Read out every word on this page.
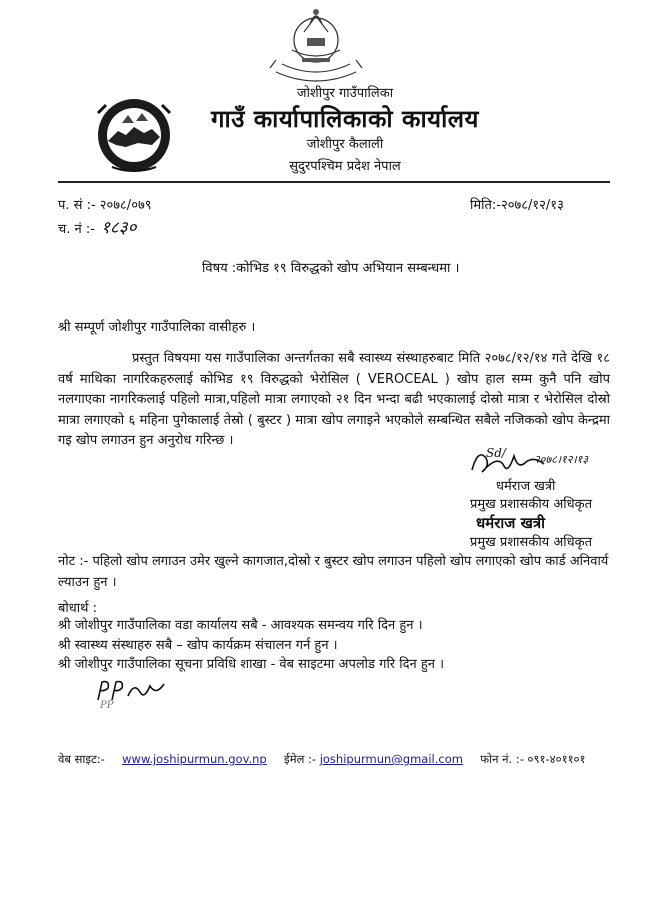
जोशीपुर गाउँपालिका
गाउँ कार्यापालिकाको कार्यालय
जोशीपुर कैलाली
सुदुरपश्चिम प्रदेश नेपाल
प. सं :- २०७८/०७९	मिति:-२०७८/१२/१३
च. नं :- १८३०
विषय :कोभिड १९ विरुद्धको खोप अभियान सम्बन्धमा ।
श्री सम्पूर्ण जोशीपुर गाउँपालिका वासीहरु ।
प्रस्तुत विषयमा यस गाउँपालिका अन्तर्गतका सबै स्वास्थ्य संस्थाहरुबाट मिति २०७८/१२/१४ गते देखि १८ वर्ष माथिका नागरिकहरुलाई कोभिड १९ विरुद्धको भेरोसिल ( VEROCEAL ) खोप हाल सम्म कुनै पनि खोप नलगाएका नागरिकलाई पहिलो मात्रा,पहिलो मात्रा लगाएको २१ दिन भन्दा बढी भएकालाई दोस्रो मात्रा र भेरोसिल दोस्रो मात्रा लगाएको ६ महिना पुगेकालाई तेस्रो ( बुस्टर ) मात्रा खोप लगाइने भएकोले सम्बन्धित सबैले नजिकको खोप केन्द्रमा गइ खोप लगाउन हुन अनुरोध गरिन्छ ।
Sd/	२०७८।१२।१३
धर्मराज खत्री
प्रमुख प्रशासकीय अधिकृत
धर्मराज खत्री
प्रमुख प्रशासकीय अधिकृत
नोट :- पहिलो खोप लगाउन उमेर खुल्ने कागजात,दोस्रो र बुस्टर खोप लगाउन पहिलो खोप लगाएको खोप कार्ड अनिवार्य ल्याउन हुन ।
बोधार्थ :
श्री जोशीपुर गाउँपालिका वडा कार्यालय सबै - आवश्यक समन्वय गरि दिन हुन ।
श्री स्वास्थ्य संस्थाहरु सबै – खोप कार्यक्रम संचालन गर्न हुन ।
श्री जोशीपुर गाउँपालिका सूचना प्रविधि शाखा - वेब साइटमा अपलोड गरि दिन हुन ।
PP
वेब साइट:- www.joshipurmun.gov.np ईमेल :- joshipurmun@gmail.com फोन नं. :- ०९१-४०११०१
